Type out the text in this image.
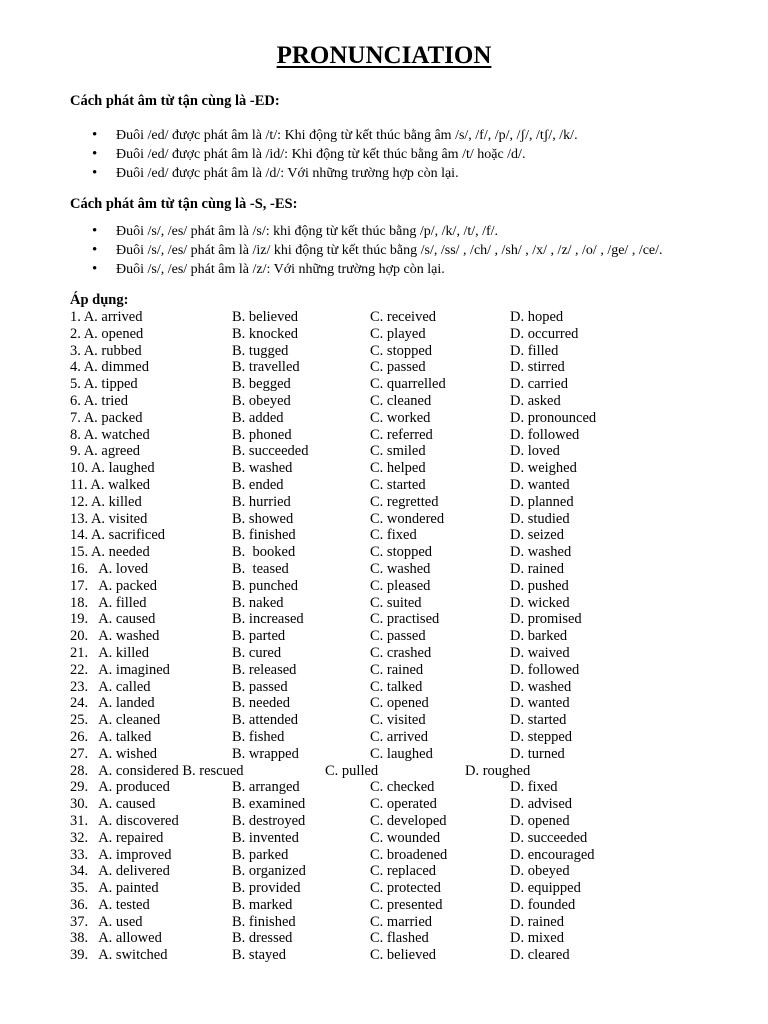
PRONUNCIATION
Cách phát âm từ tận cùng là -ED:
• Đuôi /ed/ được phát âm là /t/: Khi động từ kết thúc bằng âm /s/, /f/, /p/, /ʃ/, /tʃ/, /k/.
• Đuôi /ed/ được phát âm là /id/: Khi động từ kết thúc bằng âm /t/ hoặc /d/.
• Đuôi /ed/ được phát âm là /d/: Với những trường hợp còn lại.
Cách phát âm từ tận cùng là -S, -ES:
• Đuôi /s/, /es/ phát âm là /s/: khi động từ kết thúc bằng /p/, /k/, /t/, /f/.
• Đuôi /s/, /es/ phát âm là /iz/ khi động từ kết thúc bằng /s/, /ss/ , /ch/ , /sh/ , /x/ , /z/ , /o/ , /ge/ , /ce/.
• Đuôi /s/, /es/ phát âm là /z/: Với những trường hợp còn lại.
Áp dụng:
1. A. arrived	B. believed	C. received	D. hoped
2. A. opened	B. knocked	C. played	D. occurred
3. A. rubbed	B. tugged	C. stopped	D. filled
4. A. dimmed	B. travelled	C. passed	D. stirred
5. A. tipped	B. begged	C. quarrelled	D. carried
6. A. tried	B. obeyed	C. cleaned	D. asked
7. A. packed	B. added	C. worked	D. pronounced
8. A. watched	B. phoned	C. referred	D. followed
9. A. agreed	B. succeeded	C. smiled	D. loved
10. A. laughed	B. washed	C. helped	D. weighed
11. A. walked	B. ended	C. started	D. wanted
12. A. killed	B. hurried	C. regretted	D. planned
13. A. visited	B. showed	C. wondered	D. studied
14. A. sacrificed	B. finished	C. fixed	D. seized
15. A. needed	B.  booked	C. stopped	D. washed
16.   A. loved	B.  teased	C. washed	D. rained
17.   A. packed	B. punched	C. pleased	D. pushed
18.   A. filled	B. naked	C. suited	D. wicked
19.   A. caused	B. increased	C. practised	D. promised
20.   A. washed	B. parted	C. passed	D. barked
21.   A. killed	B. cured	C. crashed	D. waived
22.   A. imagined	B. released	C. rained	D. followed
23.   A. called	B. passed	C. talked	D. washed
24.   A. landed	B. needed	C. opened	D. wanted
25.   A. cleaned	B. attended	C. visited	D. started
26.   A. talked	B. fished	C. arrived	D. stepped
27.   A. wished	B. wrapped	C. laughed	D. turned
28.   A. considered B. rescued	C. pulled	D. roughed
29.   A. produced	B. arranged	C. checked	D. fixed
30.   A. caused	B. examined	C. operated	D. advised
31.   A. discovered	B. destroyed	C. developed	D. opened
32.   A. repaired	B. invented	C. wounded	D. succeeded
33.   A. improved	B. parked	C. broadened	D. encouraged
34.   A. delivered	B. organized	C. replaced	D. obeyed
35.   A. painted	B. provided	C. protected	D. equipped
36.   A. tested	B. marked	C. presented	D. founded
37.   A. used	B. finished	C. married	D. rained
38.   A. allowed	B. dressed	C. flashed	D. mixed
39.   A. switched	B. stayed	C. believed	D. cleared
